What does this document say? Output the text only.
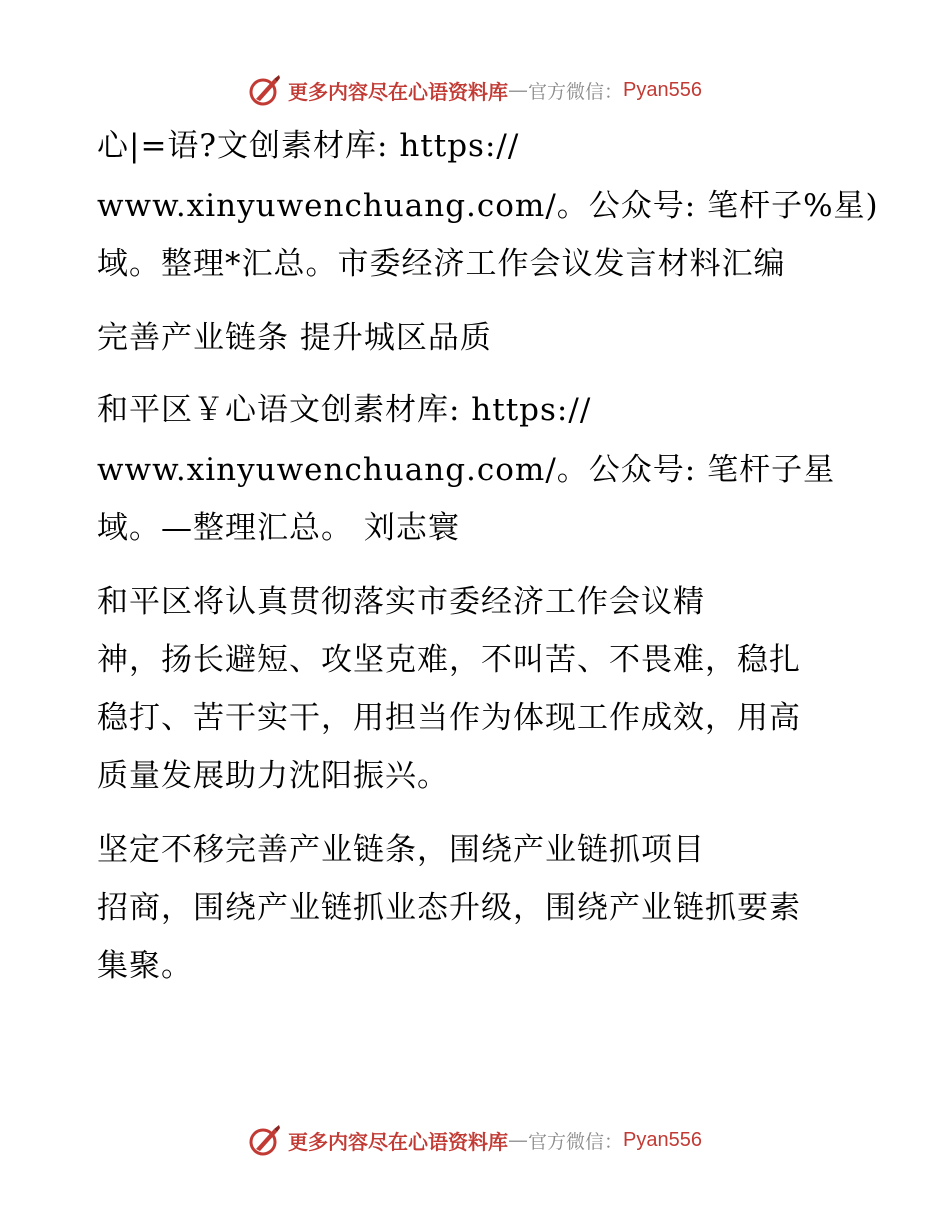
更多内容尽在心语资料库 — 官方微信： Pyan556
心|=语?文创素材库: https://
www.xinyuwenchuang.com/。公众号: 笔杆子%星)
域。整理*汇总。市委经济工作会议发言材料汇编
完善产业链条 提升城区品质
和平区￥心语文创素材库: https://
www.xinyuwenchuang.com/。公众号: 笔杆子星
域。—整理汇总。 刘志寰
和平区将认真贯彻落实市委经济工作会议精
神，扬长避短、攻坚克难，不叫苦、不畏难，稳扎
稳打、苦干实干，用担当作为体现工作成效，用高
质量发展助力沈阳振兴。
坚定不移完善产业链条，围绕产业链抓项目
招商，围绕产业链抓业态升级，围绕产业链抓要素
集聚。
更多内容尽在心语资料库 — 官方微信： Pyan556
